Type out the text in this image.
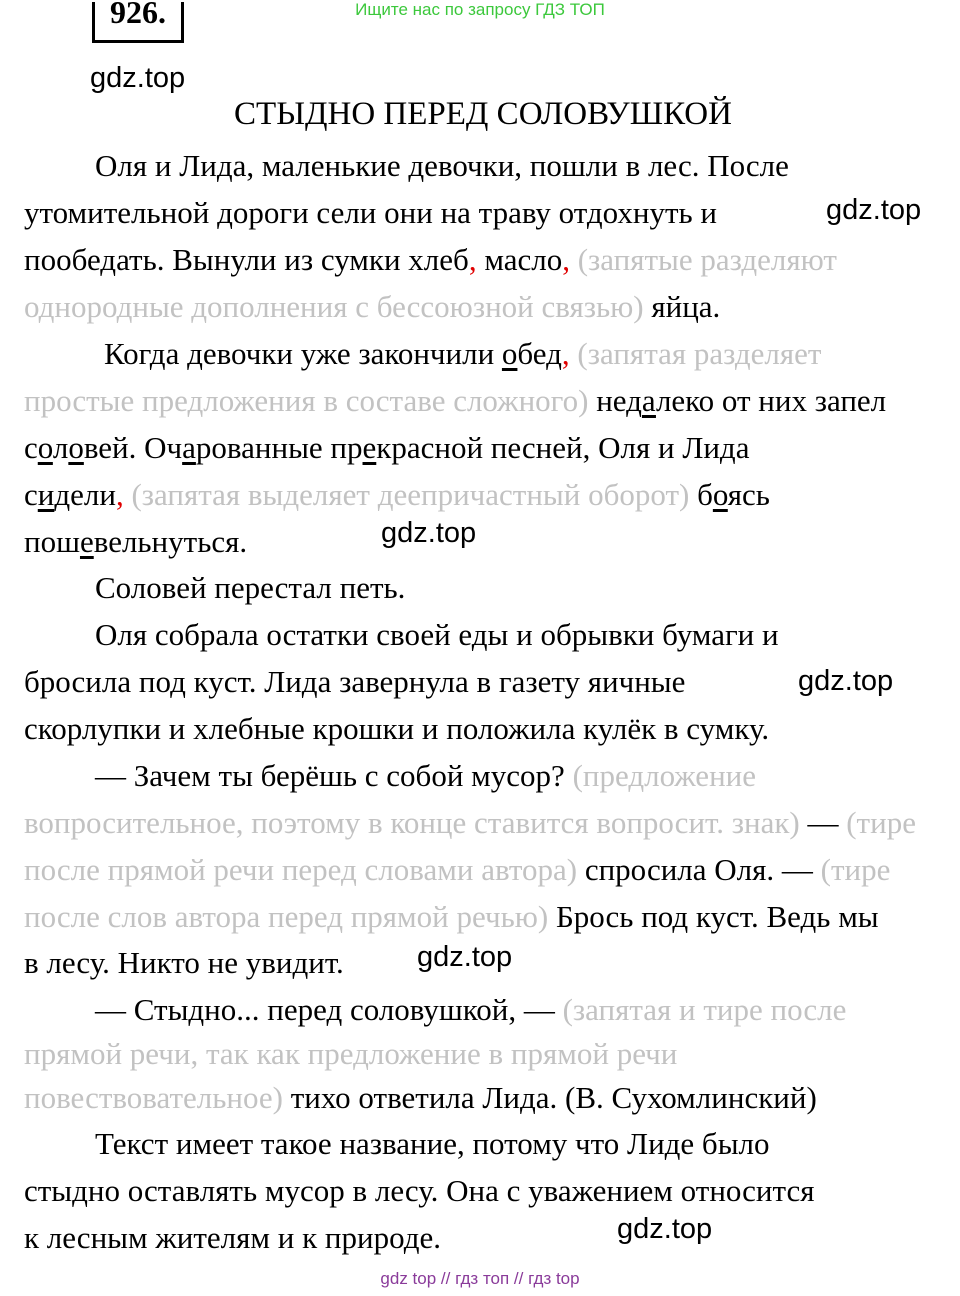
Ищите нас по запросу ГДЗ ТОП
926.
gdz.top
СТЫДНО ПЕРЕД СОЛОВУШКОЙ
Оля и Лида, маленькие девочки, пошли в лес. После
утомительной дороги сели они на траву отдохнуть и	gdz.top
пообедать. Вынули из сумки хлеб, масло, (запятые разделяют
однородные дополнения с бессоюзной связью) яйца.
Когда девочки уже закончили обед, (запятая разделяет
простые предложения в составе сложного) недалеко от них запел
соловей. Очарованные прекрасной песней, Оля и Лида
сидели, (запятая выделяет деепричастный оборот) боясь
пошевельнуться.	gdz.top
Соловей перестал петь.
Оля собрала остатки своей еды и обрывки бумаги и
бросила под куст. Лида завернула в газету яичные	gdz.top
скорлупки и хлебные крошки и положила кулёк в сумку.
— Зачем ты берёшь с собой мусор? (предложение
вопросительное, поэтому в конце ставится вопросит. знак) — (тире
после прямой речи перед словами автора) спросила Оля. — (тире
после слов автора перед прямой речью) Брось под куст. Ведь мы
в лесу. Никто не увидит.	gdz.top
— Стыдно... перед соловушкой, — (запятая и тире после
прямой речи, так как предложение в прямой речи
повествовательное) тихо ответила Лида. (В. Сухомлинский)
Текст имеет такое название, потому что Лиде было
стыдно оставлять мусор в лесу. Она с уважением относится
к лесным жителям и к природе.	gdz.top
gdz top // гдз топ // гдз top
